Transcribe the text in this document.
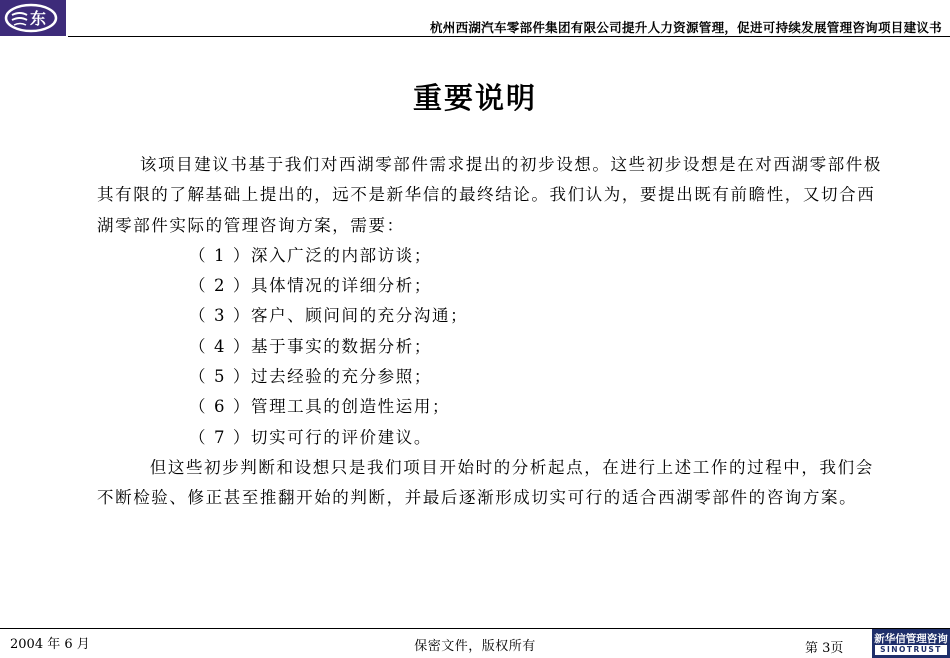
东	杭州西湖汽车零部件集团有限公司提升人力资源管理，促进可持续发展管理咨询项目建议书
重要说明

该项目建议书基于我们对西湖零部件需求提出的初步设想。这些初步设想是在对西湖零部件极其有限的了解基础上提出的，远不是新华信的最终结论。我们认为，要提出既有前瞻性，又切合西湖零部件实际的管理咨询方案，需要：

（ 1 ）深入广泛的内部访谈；

（ 2 ）具体情况的详细分析；

（ 3 ）客户、顾问间的充分沟通；

（ 4 ）基于事实的数据分析；

（ 5 ）过去经验的充分参照；

（ 6 ）管理工具的创造性运用；

（ 7 ）切实可行的评价建议。

但这些初步判断和设想只是我们项目开始时的分析起点，在进行上述工作的过程中，我们会不断检验、修正甚至推翻开始的判断，并最后逐渐形成切实可行的适合西湖零部件的咨询方案。

2004 年 6 月	保密文件，版权所有	第 3页
新华信管理咨询
SINOTRUST
